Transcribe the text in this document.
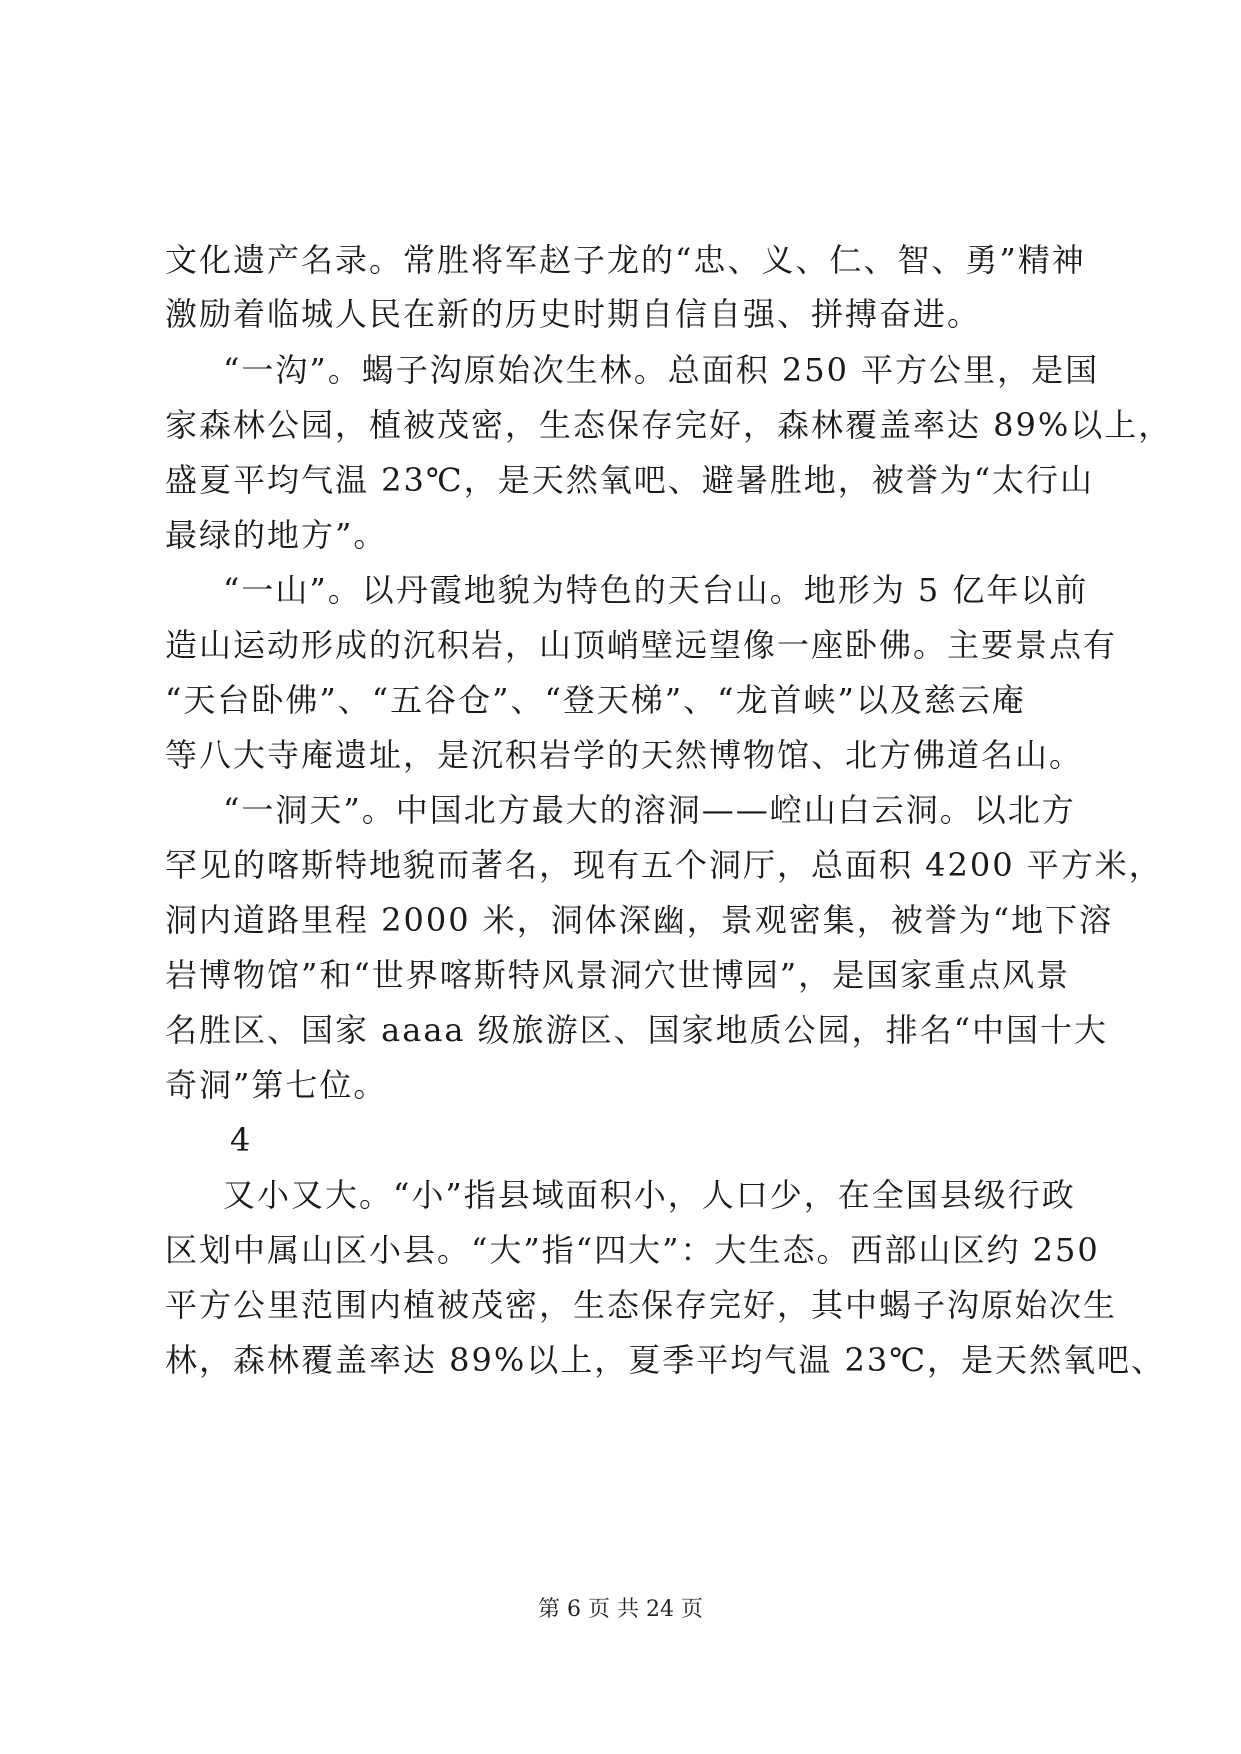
文化遗产名录。常胜将军赵子龙的“忠、义、仁、智、勇”精神
激励着临城人民在新的历史时期自信自强、拼搏奋进。
“一沟”。蝎子沟原始次生林。总面积 250 平方公里，是国
家森林公园，植被茂密，生态保存完好，森林覆盖率达 89%以上，
盛夏平均气温 23℃，是天然氧吧、避暑胜地，被誉为“太行山
最绿的地方”。
“一山”。以丹霞地貌为特色的天台山。地形为 5 亿年以前
造山运动形成的沉积岩，山顶峭壁远望像一座卧佛。主要景点有
“天台卧佛”、“五谷仓”、“登天梯”、“龙首峡”以及慈云庵
等八大寺庵遗址，是沉积岩学的天然博物馆、北方佛道名山。
“一洞天”。中国北方最大的溶洞——崆山白云洞。以北方
罕见的喀斯特地貌而著名，现有五个洞厅，总面积 4200 平方米，
洞内道路里程 2000 米，洞体深幽，景观密集，被誉为“地下溶
岩博物馆”和“世界喀斯特风景洞穴世博园”，是国家重点风景
名胜区、国家 aaaa 级旅游区、国家地质公园，排名“中国十大
奇洞”第七位。
4
又小又大。“小”指县域面积小，人口少，在全国县级行政
区划中属山区小县。“大”指“四大”：大生态。西部山区约 250
平方公里范围内植被茂密，生态保存完好，其中蝎子沟原始次生
林，森林覆盖率达 89%以上，夏季平均气温 23℃，是天然氧吧、
第 6 页 共 24 页
